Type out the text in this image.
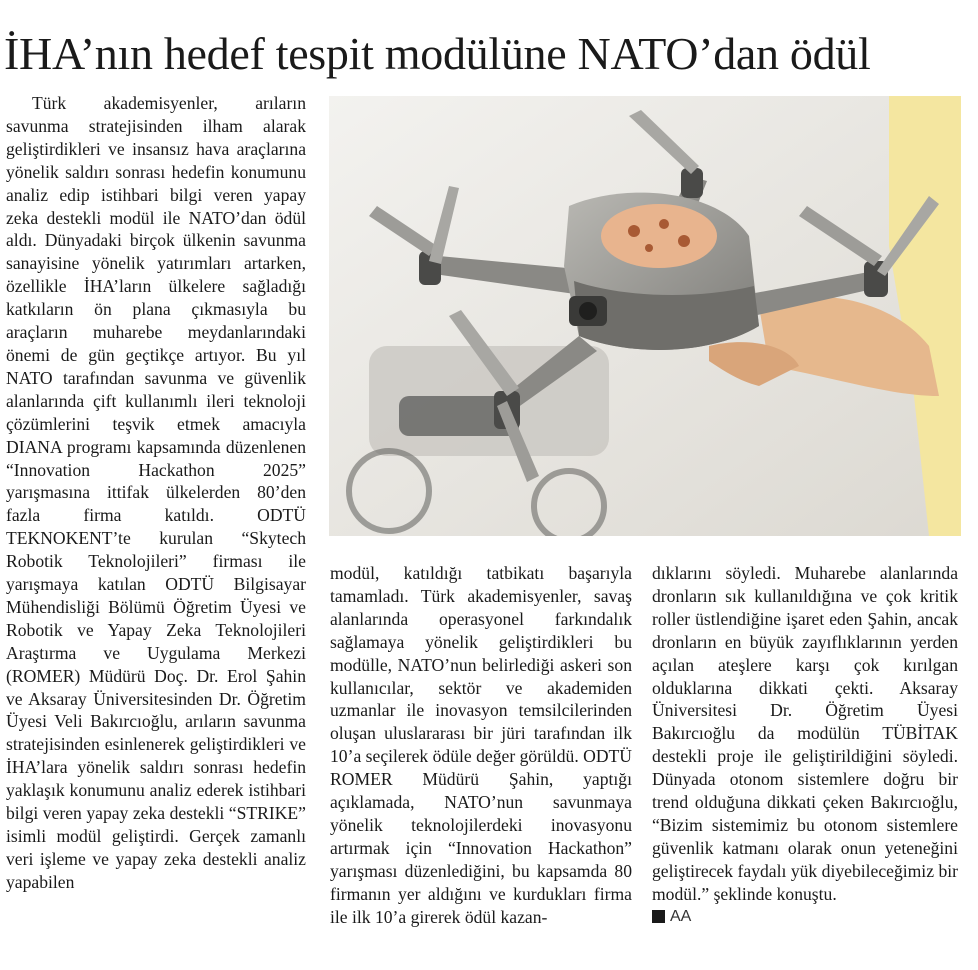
İHA’nın hedef tespit modülüne NATO’dan ödül

Türk akademisyenler, arıların savunma stratejisinden ilham alarak geliştirdikleri ve insansız hava araçlarına yönelik saldırı sonrası hedefin konumunu analiz edip istihbari bilgi veren yapay zeka destekli modül ile NATO’dan ödül aldı. Dünyadaki birçok ülkenin savunma sanayisine yönelik yatırımları artarken, özellikle İHA’ların ülkelere sağladığı katkıların ön plana çıkmasıyla bu araçların muharebe meydanlarındaki önemi de gün geçtikçe artıyor. Bu yıl NATO tarafından savunma ve güvenlik alanlarında çift kullanımlı ileri teknoloji çözümlerini teşvik etmek amacıyla DIANA programı kapsamında düzenlenen “Innovation Hackathon 2025” yarışmasına ittifak ülkelerden 80’den fazla firma katıldı. ODTÜ TEKNOKENT’te kurulan “Skytech Robotik Teknolojileri” firması ile yarışmaya katılan ODTÜ Bilgisayar Mühendisliği Bölümü Öğretim Üyesi ve Robotik ve Yapay Zeka Teknolojileri Araştırma ve Uygulama Merkezi (ROMER) Müdürü Doç. Dr. Erol Şahin ve Aksaray Üniversitesinden Dr. Öğretim Üyesi Veli Bakırcıoğlu, arıların savunma stratejisinden esinlenerek geliştirdikleri ve İHA’lara yönelik saldırı sonrası hedefin yaklaşık konumunu analiz ederek istihbari bilgi veren yapay zeka destekli “STRIKE” isimli modül geliştirdi. Gerçek zamanlı veri işleme ve yapay zeka destekli analiz yapabilen

modül, katıldığı tatbikatı başarıyla tamamladı. Türk akademisyenler, savaş alanlarında operasyonel farkındalık sağlamaya yönelik geliştirdikleri bu modülle, NATO’nun belirlediği askeri son kullanıcılar, sektör ve akademiden uzmanlar ile inovasyon temsilcilerinden oluşan uluslararası bir jüri tarafından ilk 10’a seçilerek ödüle değer görüldü. ODTÜ ROMER Müdürü Şahin, yaptığı açıklamada, NATO’nun savunmaya yönelik teknolojilerdeki inovasyonu artırmak için “Innovation Hackathon” yarışması düzenlediğini, bu kapsamda 80 firmanın yer aldığını ve kurdukları firma ile ilk 10’a girerek ödül kazan-

dıklarını söyledi. Muharebe alanlarında dronların sık kullanıldığına ve çok kritik roller üstlendiğine işaret eden Şahin, ancak dronların en büyük zayıflıklarının yerden açılan ateşlere karşı çok kırılgan olduklarına dikkati çekti. Aksaray Üniversitesi Dr. Öğretim Üyesi Bakırcıoğlu da modülün TÜBİTAK destekli proje ile geliştirildiğini söyledi. Dünyada otonom sistemlere doğru bir trend olduğuna dikkati çeken Bakırcıoğlu, “Bizim sistemimiz bu otonom sistemlere güvenlik katmanı olarak onun yeteneğini geliştirecek faydalı yük diyebileceğimiz bir modül.” şeklinde konuştu.

AA
